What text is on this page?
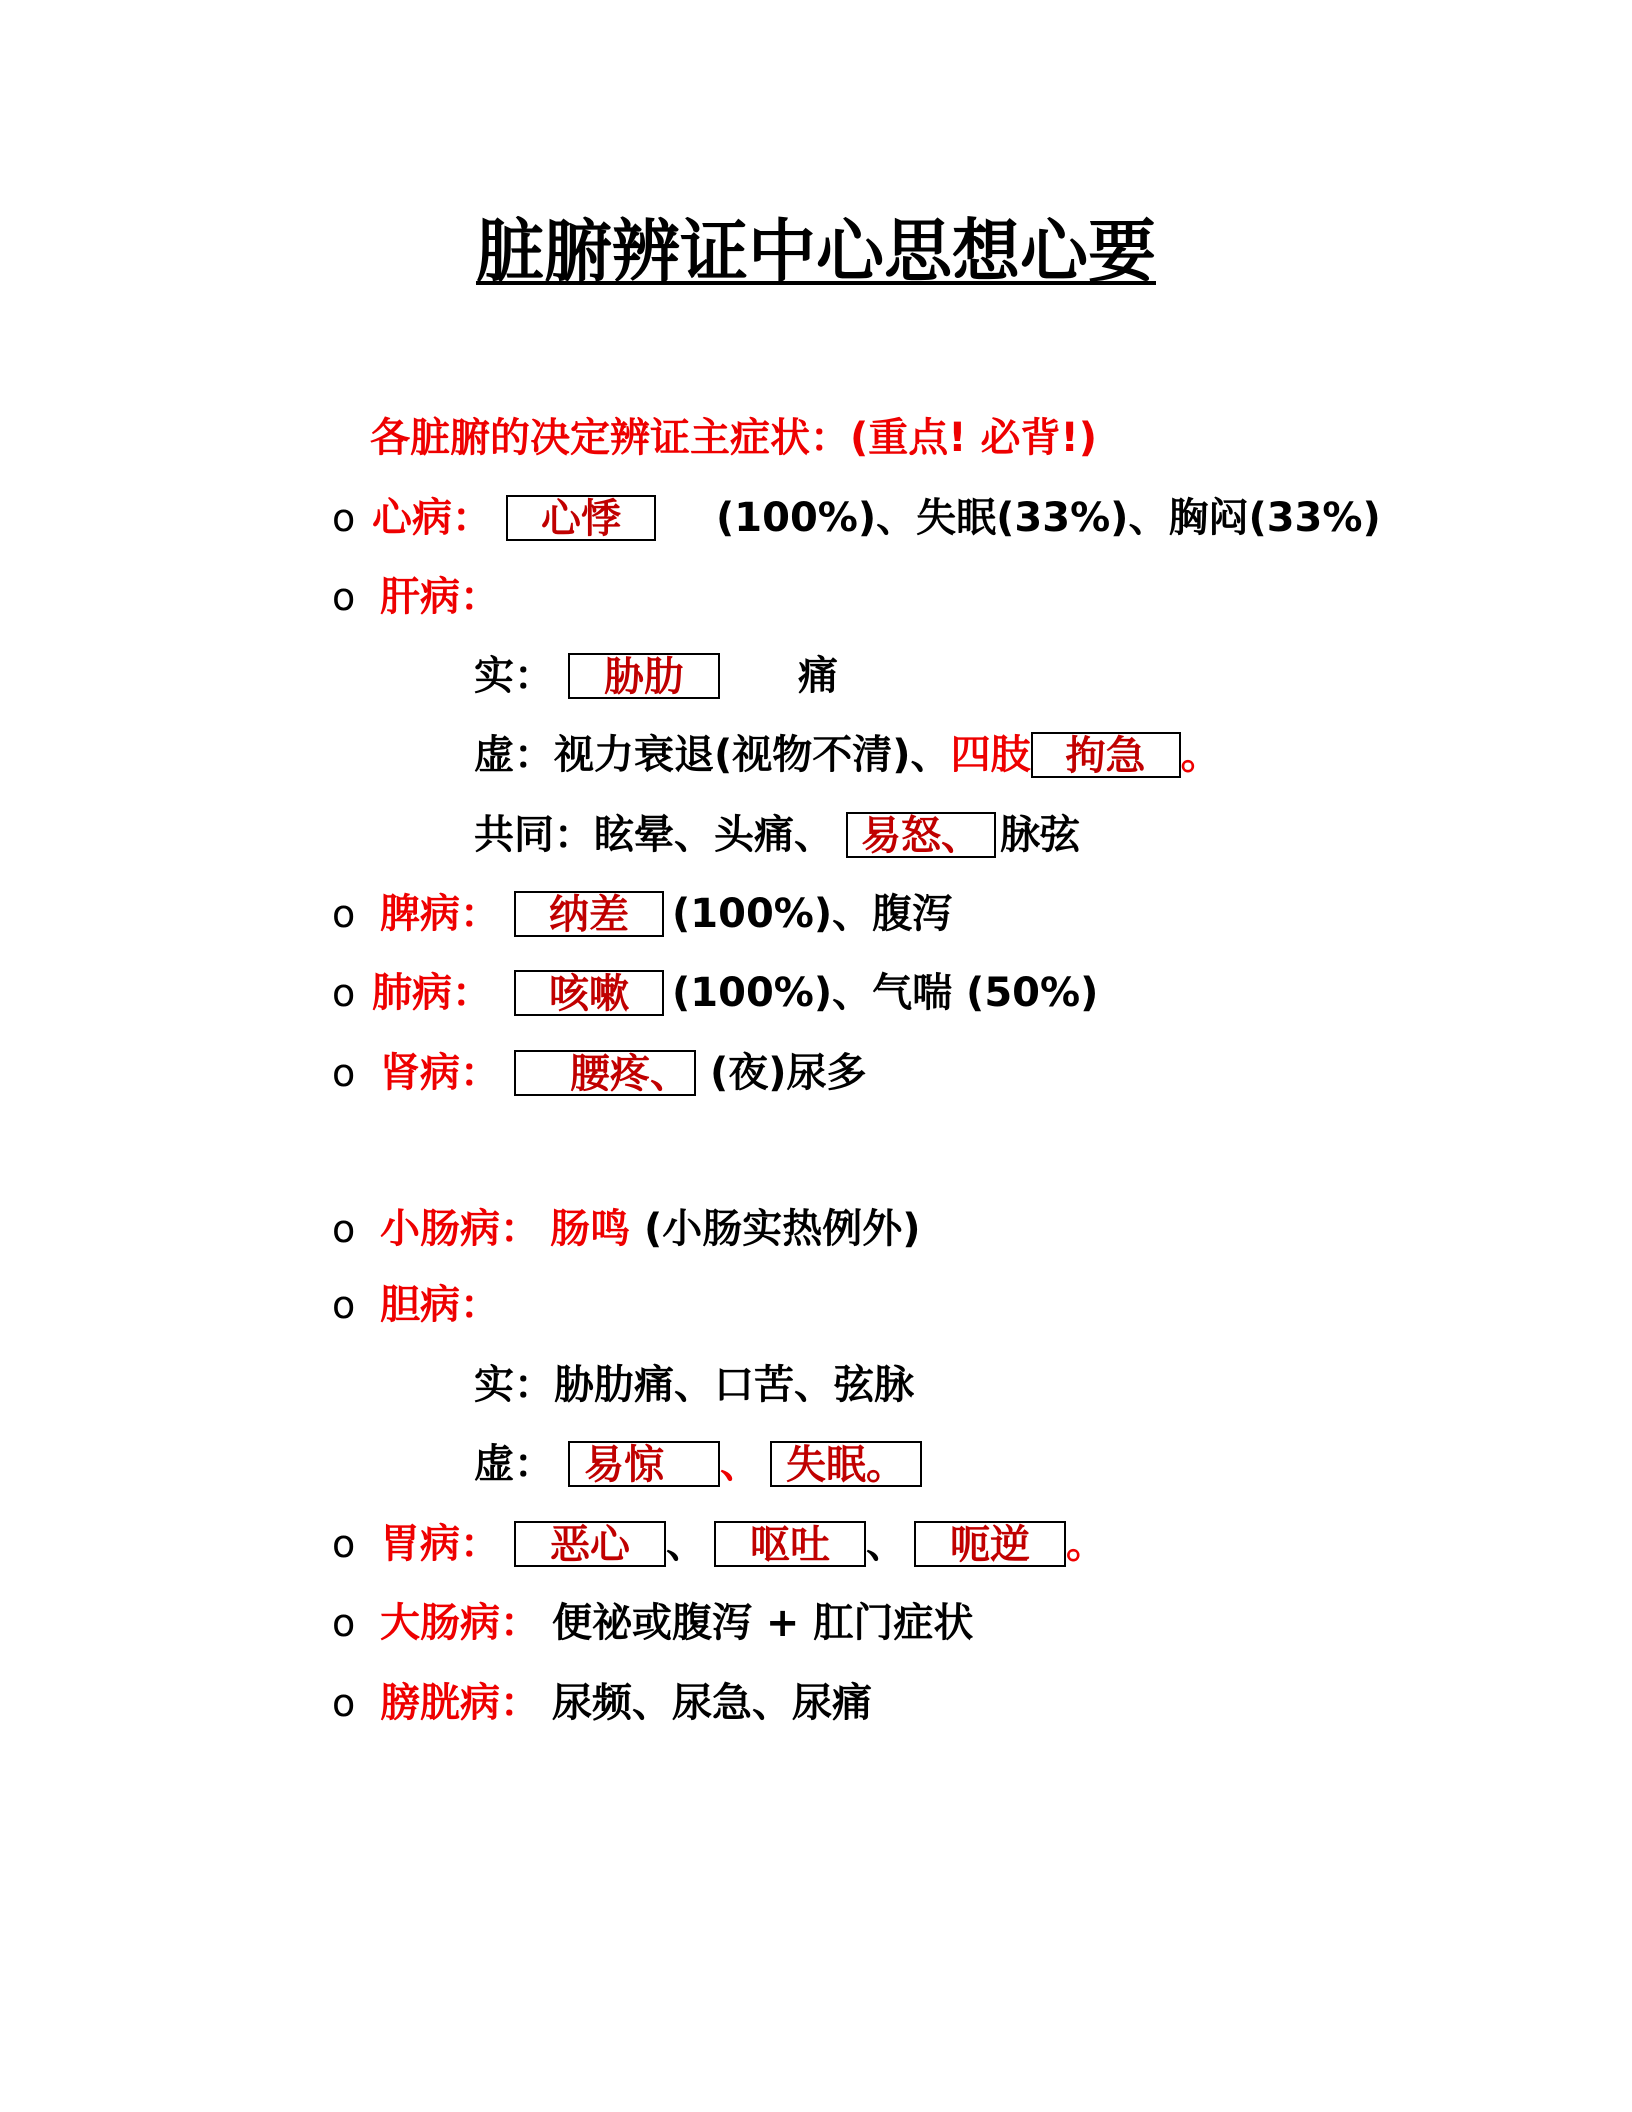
脏腑辨证中心思想心要
各脏腑的决定辨证主症状：(重点! 必背!)
o 心病：	心悸	(100%)、失眠(33%)、胸闷(33%)
o 肝病：
实：	胁肋	痛
虚： 视力衰退(视物不清)、 四肢 拘急 。
共同： 眩晕、头痛、 易怒、 脉弦
o 脾病：	纳差	(100%)、腹泻
o 肺病：	咳嗽	(100%)、气喘 (50%)
o 肾病：	腰疼、 (夜)尿多
o 小肠病： 肠鸣 (小肠实热例外)
o 胆病：
实： 胁肋痛、口苦、弦脉
虚： 易惊	、 失眠。
o 胃病：	恶心 、	呕吐 、	呃逆 。
o 大肠病： 便祕或腹泻 + 肛门症状
o 膀胱病： 尿频、尿急、尿痛
